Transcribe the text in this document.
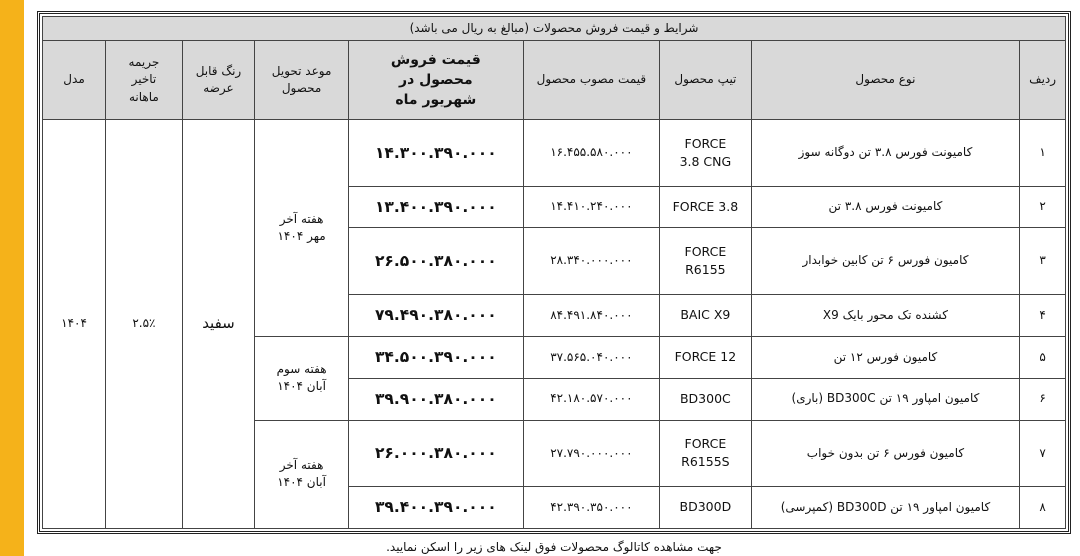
شرایط و قیمت فروش محصولات (مبالغ به ریال می باشد)								
ردیف	نوع محصول	تیپ محصول	قیمت مصوب محصول	قیمت فروش محصول در شهریور ماه	موعد تحویل محصول	رنگ قابل عرضه	جریمه تاخیر ماهانه	مدل
۱	کامیونت فورس ۳.۸ تن دوگانه سوز	FORCE 3.8 CNG	۱۶.۴۵۵.۵۸۰.۰۰۰	۱۴.۳۰۰.۳۹۰.۰۰۰	هفته آخر مهر ۱۴۰۴	سفید	۲.۵٪	۱۴۰۴
۲	کامیونت فورس ۳.۸ تن	FORCE 3.8	۱۴.۴۱۰.۲۴۰.۰۰۰	۱۳.۴۰۰.۳۹۰.۰۰۰				
۳	کامیون فورس ۶ تن کابین خوابدار	FORCE R6155	۲۸.۳۴۰.۰۰۰.۰۰۰	۲۶.۵۰۰.۳۸۰.۰۰۰				
۴	کشنده تک محور بایک X9	BAIC X9	۸۴.۴۹۱.۸۴۰.۰۰۰	۷۹.۴۹۰.۳۸۰.۰۰۰				
۵	کامیون فورس ۱۲ تن	FORCE 12	۳۷.۵۶۵.۰۴۰.۰۰۰	۳۴.۵۰۰.۳۹۰.۰۰۰	هفته سوم آبان ۱۴۰۴			

۶	کامیون امپاور ۱۹ تن BD300C (باری)	BD300C	۴۲.۱۸۰.۵۷۰.۰۰۰	۳۹.۹۰۰.۳۸۰.۰۰۰				
۷	کامیون فورس ۶ تن بدون خواب	FORCE R6155S	۲۷.۷۹۰.۰۰۰.۰۰۰	۲۶.۰۰۰.۳۸۰.۰۰۰	هفته آخر آبان ۱۴۰۴			

۸	کامیون امپاور ۱۹ تن BD300D (کمپرسی)	BD300D	۴۲.۳۹۰.۳۵۰.۰۰۰	۳۹.۴۰۰.۳۹۰.۰۰۰				
جهت مشاهده کاتالوگ محصولات فوق لینک های زیر را اسکن نمایید.
